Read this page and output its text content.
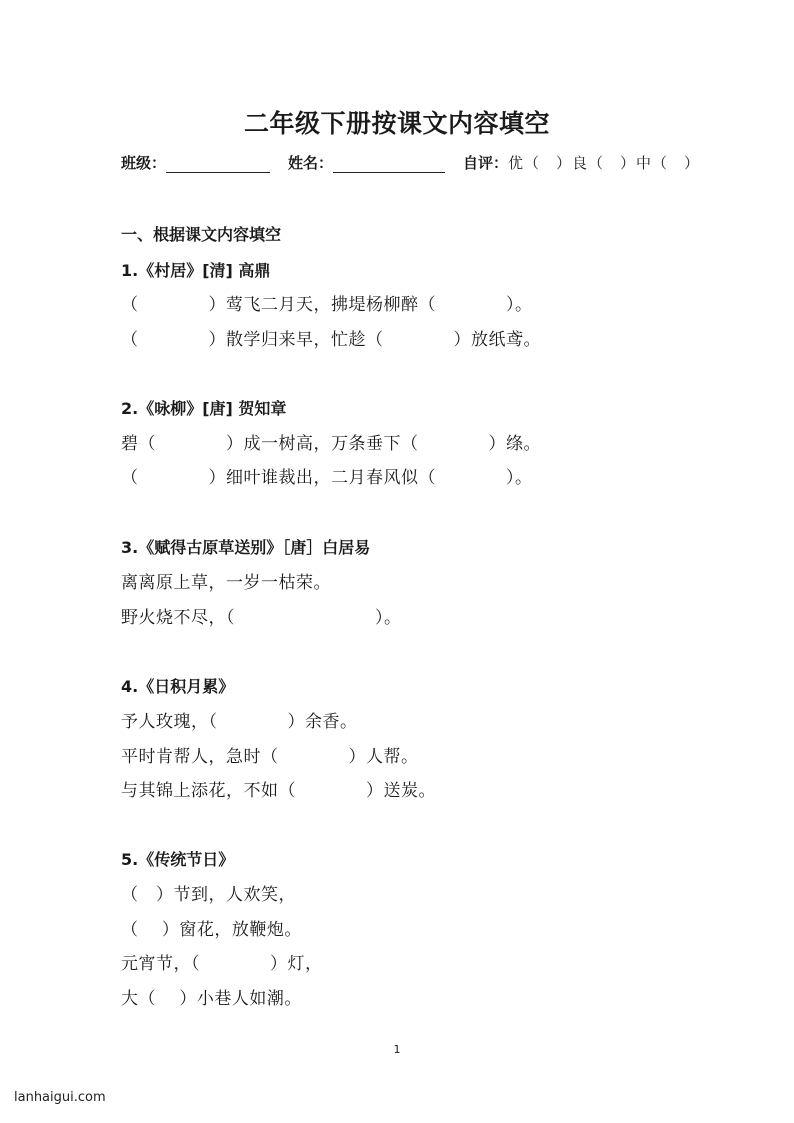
二年级下册按课文内容填空
班级：	姓名：	自评： 优（　）良（　）中（　）
一、根据课文内容填空
1.《村居》[清] 高鼎
（　　　　）莺飞二月天，拂堤杨柳醉（　　　　）。
（　　　　）散学归来早，忙趁（　　　　）放纸鸢。
2.《咏柳》[唐] 贺知章
碧（　　　　）成一树高，万条垂下（　　　　）绦。
（　　　　）细叶谁裁出，二月春风似（　　　　）。
3.《赋得古原草送别》［唐］白居易
离离原上草，一岁一枯荣。
野火烧不尽，（　　　　　　　　）。
4.《日积月累》
予人玫瑰，（　　　　）余香。
平时肯帮人，急时（　　　　）人帮。
与其锦上添花，不如（　　　　）送炭。
5.《传统节日》
（　）节到，人欢笑，
（　 ）窗花，放鞭炮。
元宵节，（　　　　）灯，
大（　 ）小巷人如潮。
1
lanhaigui.com
